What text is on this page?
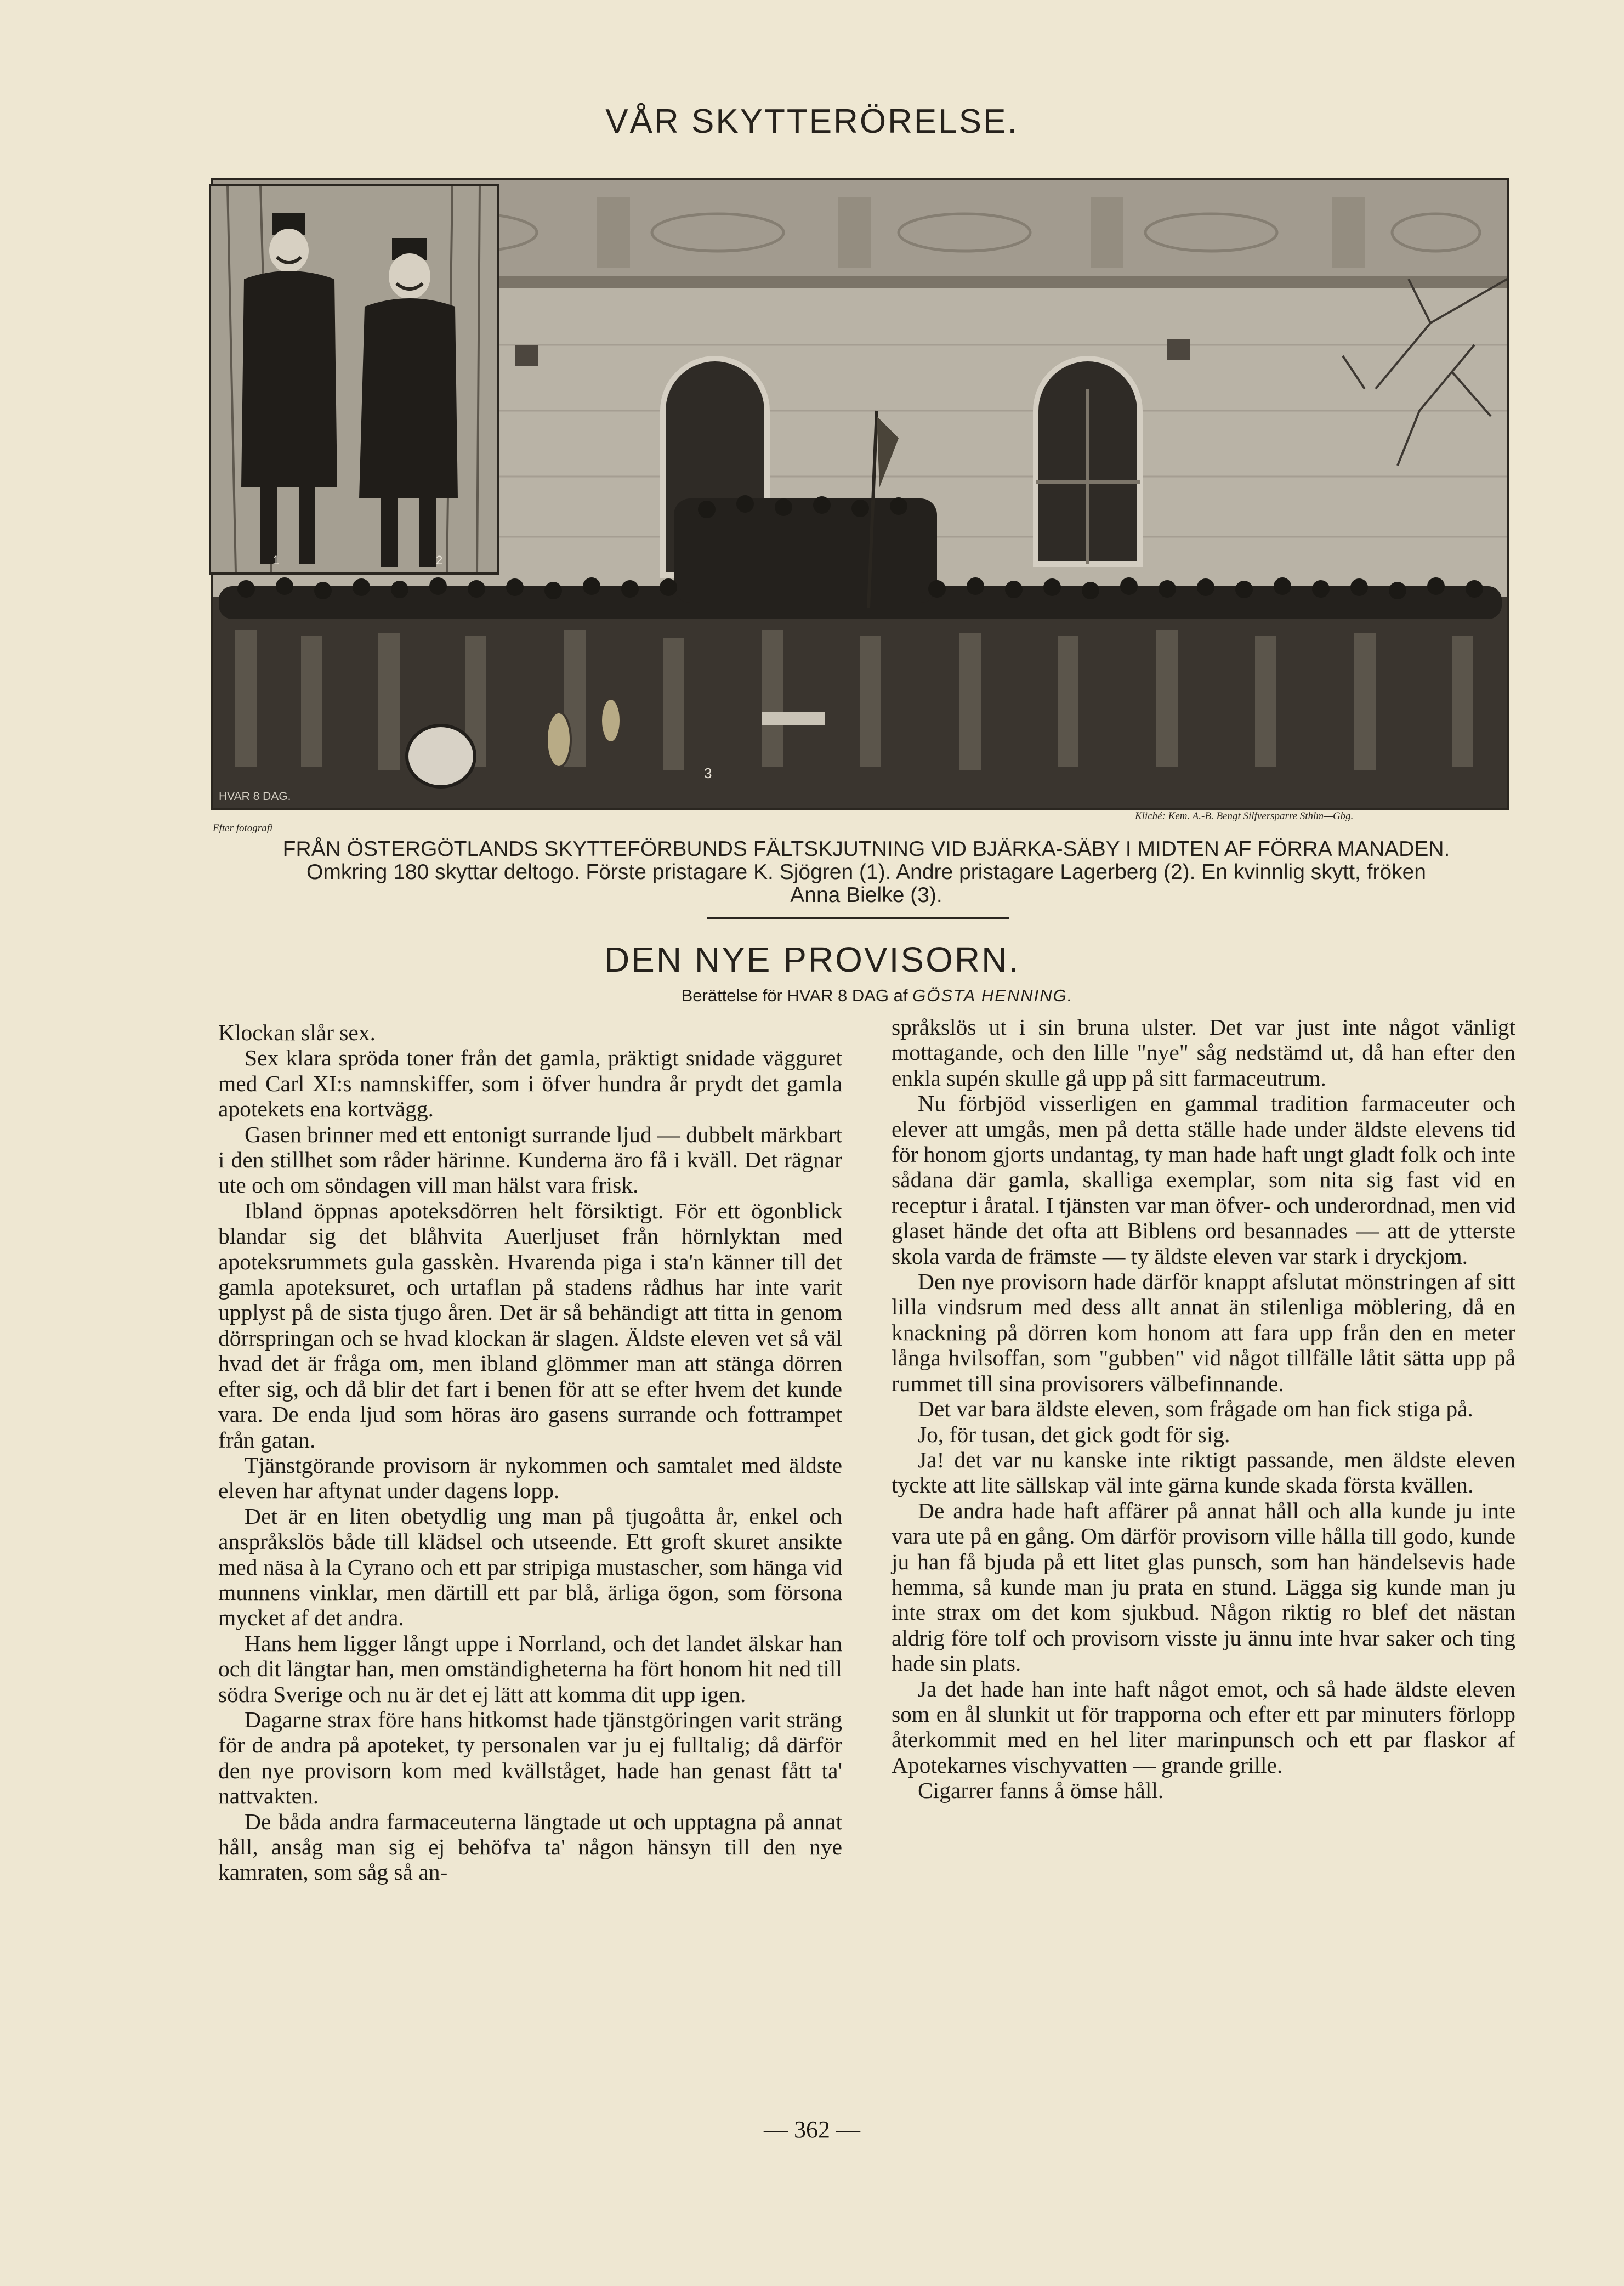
VÅR SKYTTERÖRELSE.
3
HVAR 8 DAG.
1	2
Efter fotografi
Kliché: Kem. A.-B. Bengt Silfversparre Sthlm—Gbg.
FRÅN ÖSTERGÖTLANDS SKYTTEFÖRBUNDS FÄLTSKJUTNING VID BJÄRKA-SÄBY I MIDTEN AF FÖRRA MANADEN.
Omkring 180 skyttar deltogo. Förste pristagare K. Sjögren (1). Andre pristagare Lagerberg (2). En kvinnlig skytt, fröken
Anna Bielke (3).
DEN NYE PROVISORN.
Berättelse för HVAR 8 DAG af GÖSTA HENNING.

Klockan slår sex.

Sex klara spröda toner från det gamla, präktigt snidade vägguret med Carl XI:s namnskiffer, som i öfver hundra år prydt det gamla apotekets ena kortvägg.

Gasen brinner med ett entonigt surrande ljud — dubbelt märkbart i den stillhet som råder härinne. Kunderna äro få i kväll. Det rägnar ute och om söndagen vill man hälst vara frisk.

Ibland öppnas apoteksdörren helt försiktigt. För ett ögonblick blandar sig det blåhvita Auerljuset från hörnlyktan med apoteksrummets gula gasskèn. Hvarenda piga i sta'n känner till det gamla apoteksuret, och urtaflan på stadens rådhus har inte varit upplyst på de sista tjugo åren. Det är så behändigt att titta in genom dörrspringan och se hvad klockan är slagen. Äldste eleven vet så väl hvad det är fråga om, men ibland glömmer man att stänga dörren efter sig, och då blir det fart i benen för att se efter hvem det kunde vara. De enda ljud som höras äro gasens surrande och fottrampet från gatan.

Tjänstgörande provisorn är nykommen och samtalet med äldste eleven har aftynat under dagens lopp.

Det är en liten obetydlig ung man på tjugoåtta år, enkel och anspråkslös både till klädsel och utseende. Ett groft skuret ansikte med näsa à la Cyrano och ett par stripiga mustascher, som hänga vid munnens vinklar, men därtill ett par blå, ärliga ögon, som försona mycket af det andra.

Hans hem ligger långt uppe i Norrland, och det landet älskar han och dit längtar han, men omständigheterna ha fört honom hit ned till södra Sverige och nu är det ej lätt att komma dit upp igen.

Dagarne strax före hans hitkomst hade tjänstgöringen varit sträng för de andra på apoteket, ty personalen var ju ej fulltalig; då därför den nye provisorn kom med kvällståget, hade han genast fått ta' nattvakten.

De båda andra farmaceuterna längtade ut och upptagna på annat håll, ansåg man sig ej behöfva ta' någon hänsyn till den nye kamraten, som såg så an-

språkslös ut i sin bruna ulster. Det var just inte något vänligt mottagande, och den lille "nye" såg nedstämd ut, då han efter den enkla supén skulle gå upp på sitt farmaceutrum.

Nu förbjöd visserligen en gammal tradition farmaceuter och elever att umgås, men på detta ställe hade under äldste elevens tid för honom gjorts undantag, ty man hade haft ungt gladt folk och inte sådana där gamla, skalliga exemplar, som nita sig fast vid en receptur i åratal. I tjänsten var man öfver- och underordnad, men vid glaset hände det ofta att Biblens ord besannades — att de ytterste skola varda de främste — ty äldste eleven var stark i dryckjom.

Den nye provisorn hade därför knappt afslutat mönstringen af sitt lilla vindsrum med dess allt annat än stilenliga möblering, då en knackning på dörren kom honom att fara upp från den en meter långa hvilsoffan, som "gubben" vid något tillfälle låtit sätta upp på rummet till sina provisorers välbefinnande.

Det var bara äldste eleven, som frågade om han fick stiga på.

Jo, för tusan, det gick godt för sig.

Ja! det var nu kanske inte riktigt passande, men äldste eleven tyckte att lite sällskap väl inte gärna kunde skada första kvällen.

De andra hade haft affärer på annat håll och alla kunde ju inte vara ute på en gång. Om därför provisorn ville hålla till godo, kunde ju han få bjuda på ett litet glas punsch, som han händelsevis hade hemma, så kunde man ju prata en stund. Lägga sig kunde man ju inte strax om det kom sjukbud. Någon riktig ro blef det nästan aldrig före tolf och provisorn visste ju ännu inte hvar saker och ting hade sin plats.

Ja det hade han inte haft något emot, och så hade äldste eleven som en ål slunkit ut för trapporna och efter ett par minuters förlopp återkommit med en hel liter marinpunsch och ett par flaskor af Apotekarnes vischyvatten — grande grille.

Cigarrer fanns å ömse håll.

— 362 —
